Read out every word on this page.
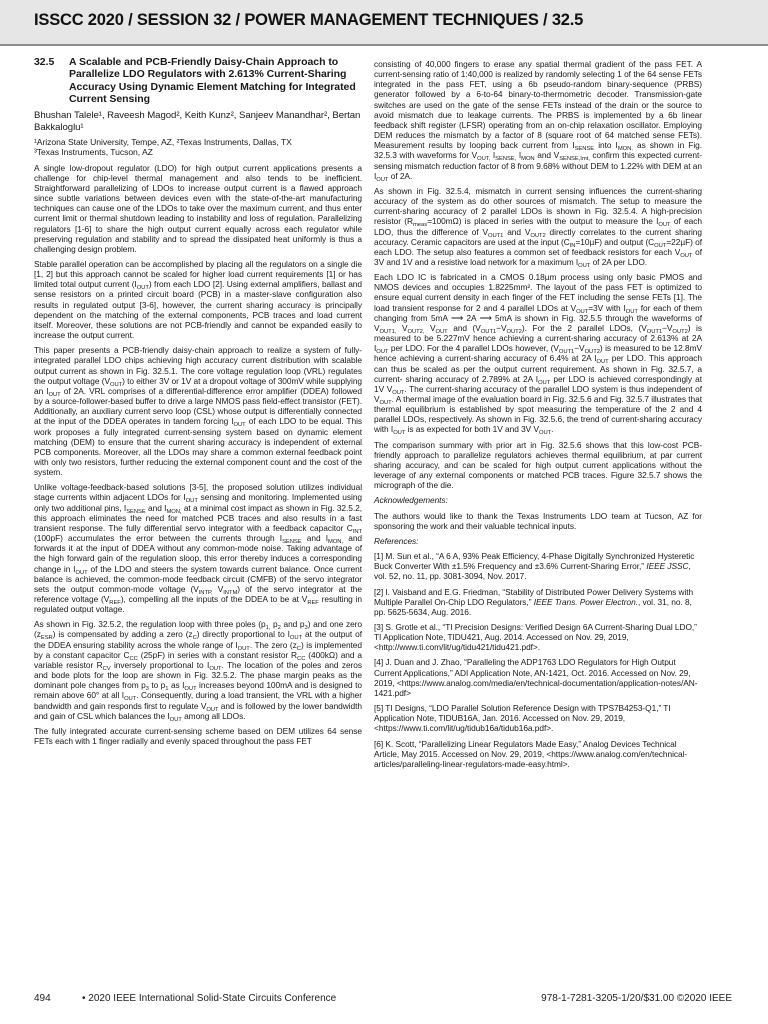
ISSCC 2020 / SESSION 32 / POWER MANAGEMENT TECHNIQUES / 32.5
32.5	A Scalable and PCB-Friendly Daisy-Chain Approach to Parallelize LDO Regulators with 2.613% Current-Sharing Accuracy Using Dynamic Element Matching for Integrated Current Sensing
Bhushan Talele¹, Raveesh Magod², Keith Kunz², Sanjeev Manandhar², Bertan Bakkaloglu¹
¹Arizona State University, Tempe, AZ, ²Texas Instruments, Dallas, TX
³Texas Instruments, Tucson, AZ

A single low-dropout regulator (LDO) for high output current applications presents a challenge for chip-level thermal management and also tends to be inefficient. Straightforward parallelizing of LDOs to increase output current is a flawed approach since subtle variations between devices even with the state-of-the-art manufacturing techniques can cause one of the LDOs to take over the maximum current, and thus enter current limit or thermal shutdown leading to instability and loss of regulation. Parallelizing regulators [1-6] to share the high output current equally across each regulator while preserving regulation and stability and to spread the dissipated heat uniformly is thus a challenging design problem.

Stable parallel operation can be accomplished by placing all the regulators on a single die [1, 2] but this approach cannot be scaled for higher load current requirements [1] or has limited total output current $(I_{OUT})$ from each LDO [2]. Using external amplifiers, ballast and sense resistors on a printed circuit board (PCB) in a master-slave configuration also results in regulated output [3-6], however, the current sharing accuracy is principally dependent on the matching of the external components, PCB traces and load current itself. Moreover, these solutions are not PCB-friendly and cannot be expanded easily to increase the output current.

This paper presents a PCB-friendly daisy-chain approach to realize a system of fully-integrated parallel LDO chips achieving high accuracy current distribution with scalable output current as shown in Fig. 32.5.1. The core voltage regulation loop (VRL) regulates the output voltage $(V_{OUT})$ to either 3V or 1V at a dropout voltage of 300mV while supplying an $I_{OUT}$ of 2A. VRL comprises of a differential-difference error amplifier (DDEA) followed by a source-follower-based buffer to drive a large NMOS pass field-effect transistor (FET). Additionally, an auxiliary current servo loop (CSL) whose output is differentially connected at the input of the DDEA operates in tandem forcing $I_{OUT}$ of each LDO to be equal. This work proposes a fully integrated current-sensing system based on dynamic element matching (DEM) to ensure that the current sharing accuracy is independent of external PCB components. Moreover, all the LDOs may share a common external feedback point with only two resistors, further reducing the external component count and the cost of the system.

Unlike voltage-feedback-based solutions [3-5], the proposed solution utilizes individual stage currents within adjacent LDOs for $I_{OUT}$ sensing and monitoring. Implemented using only two additional pins, $I_{SENSE}$ and $I_{MON,}$ at a minimal cost impact as shown in Fig. 32.5.2, this approach eliminates the need for matched PCB traces and also results in a fast transient response. The fully differential servo integrator with a feedback capacitor $C_{INT}$ (100pF) accumulates the error between the currents through $I_{SENSE}$ and $I_{MON,}$ and forwards it at the input of DDEA without any common-mode noise. Taking advantage of the high forward gain of the regulation sloop, this error thereby induces a corresponding change in $I_{OUT}$ of the LDO and steers the system towards current balance. Once current balance is achieved, the common-mode feedback circuit (CMFB) of the servo integrator sets the output common-mode voltage ($V_{INTP,}$ $V_{INTM}$) of the servo integrator at the reference voltage $(V_{REF})$, compelling all the inputs of the DDEA to be at $V_{REF}$ resulting in regulated output voltage.

As shown in Fig. 32.5.2, the regulation loop with three poles ($p_{1,}$ $p_2$ and $p_3$) and one zero $(z_{ESR})$ is compensated by adding a zero $(z_C)$ directly proportional to $I_{OUT}$ at the output of the DDEA ensuring stability across the whole range of $I_{OUT}$. The zero $(z_C)$ is implemented by a constant capacitor $C_{CC}$ (25pF) in series with a constant resistor $R_{CC}$ (400kΩ) and a variable resistor $R_{CV}$ inversely proportional to $I_{OUT}$. The location of the poles and zeros and bode plots for the loop are shown in Fig. 32.5.2. The phase margin peaks as the dominant pole changes from $p_3$ to $p_1$ as $I_{OUT}$ increases beyond 100mA and is designed to remain above 60° at all $I_{OUT}$. Consequently, during a load transient, the VRL with a higher bandwidth and gain responds first to regulate $V_{OUT}$ and is followed by the lower bandwidth and gain of CSL which balances the $I_{OUT}$ among all LDOs.

The fully integrated accurate current-sensing scheme based on DEM utilizes 64 sense FETs each with 1 finger radially and evenly spaced throughout the pass FET

consisting of 40,000 fingers to erase any spatial thermal gradient of the pass FET. A current-sensing ratio of 1:40,000 is realized by randomly selecting 1 of the 64 sense FETs integrated in the pass FET, using a 6b pseudo-random binary-sequence (PRBS) generator followed by a 6-to-64 binary-to-thermometric decoder. Transmission-gate switches are used on the gate of the sense FETs instead of the drain or the source to avoid mismatch due to leakage currents. The PRBS is implemented by a 6b linear feedback shift register (LFSR) operating from an on-chip relaxation oscillator. Employing DEM reduces the mismatch by a factor of 8 (square root of 64 matched sense FETs). Measurement results by looping back current from $I_{SENSE}$ into $I_{MON,}$ as shown in Fig. 32.5.3 with waveforms for $V_{OUT,}$ $I_{SENSE,}$ $I_{MON}$ and $V_{SENSE,Imt,}$ confirm this expected current-sensing mismatch reduction factor of 8 from 9.68% without DEM to 1.22% with DEM at an $I_{OUT}$ of 2A.

As shown in Fig. 32.5.4, mismatch in current sensing influences the current-sharing accuracy of the system as do other sources of mismatch. The setup to measure the current-sharing accuracy of 2 parallel LDOs is shown in Fig. 32.5.4. A high-precision resistor $(R_{meas}=100m\Omega)$ is placed in series with the output to measure the $I_{OUT}$ of each LDO, thus the difference of $V_{OUT1}$ and $V_{OUT2}$ directly correlates to the current sharing accuracy. Ceramic capacitors are used at the input $(C_{IN}=10\mu F)$ and output $(C_{OUT}=22\mu F)$ of each LDO. The setup also features a common set of feedback resistors for each $V_{OUT}$ of 3V and 1V and a resistive load network for a maximum $I_{OUT}$ of 2A per LDO.

Each LDO IC is fabricated in a CMOS 0.18µm process using only basic PMOS and NMOS devices and occupies 1.8225mm². The layout of the pass FET is optimized to ensure equal current density in each finger of the FET including the sense FETs [1]. The load transient response for 2 and 4 parallel LDOs at $V_{OUT}=3V$ with $I_{OUT}$ for each of them changing from 5mA ⟶ 2A ⟶ 5mA is shown in Fig. 32.5.5 through the waveforms of $V_{OUT1,}$ $V_{OUT2,}$ $V_{OUT}$ and $(V_{OUT1}-V_{OUT2})$. For the 2 parallel LDOs, $(V_{OUT1}-V_{OUT2})$ is measured to be 5.227mV hence achieving a current-sharing accuracy of 2.613% at 2A $I_{OUT}$ per LDO. For the 4 parallel LDOs however, $(V_{OUT1}-V_{OUT2})$ is measured to be 12.8mV hence achieving a current-sharing accuracy of 6.4% at 2A $I_{OUT}$ per LDO. This approach can thus be scaled as per the output current requirement. As shown in Fig. 32.5.7, a current- sharing accuracy of 2.789% at 2A $I_{OUT}$ per LDO is achieved correspondingly at 1V $V_{OUT}$. The current-sharing accuracy of the parallel LDO system is thus independent of $V_{OUT}$. A thermal image of the evaluation board in Fig. 32.5.6 and Fig. 32.5.7 illustrates that thermal equilibrium is established by spot measuring the temperature of the 2 and 4 parallel LDOs, respectively. As shown in Fig. 32.5.6, the trend of current-sharing accuracy with $I_{OUT}$ is as expected for both 1V and 3V $V_{OUT}$.

The comparison summary with prior art in Fig. 32.5.6 shows that this low-cost PCB-friendly approach to parallelize regulators achieves thermal equilibrium, at par current sharing accuracy, and can be scaled for high output current applications without the leverage of any external components or matched PCB traces. Figure 32.5.7 shows the micrograph of the die.

Acknowledgements:

The authors would like to thank the Texas Instruments LDO team at Tucson, AZ for sponsoring the work and their valuable technical inputs.

References:

[1] M. Sun et al., “A 6 A, 93% Peak Efficiency, 4-Phase Digitally Synchronized Hysteretic Buck Converter With ±1.5% Frequency and ±3.6% Current-Sharing Error,” IEEE JSSC, vol. 52, no. 11, pp. 3081-3094, Nov. 2017.

[2] I. Vaisband and E.G. Friedman, “Stability of Distributed Power Delivery Systems with Multiple Parallel On-Chip LDO Regulators,” IEEE Trans. Power Electron., vol. 31, no. 8, pp. 5625-5634, Aug. 2016.

[3] S. Grotle et al., “TI Precision Designs: Verified Design 6A Current-Sharing Dual LDO,” TI Application Note, TIDU421, Aug. 2014. Accessed on Nov. 29, 2019, <http://www.ti.com/lit/ug/tidu421/tidu421.pdf>.

[4] J. Duan and J. Zhao, “Paralleling the ADP1763 LDO Regulators for High Output Current Applications,” ADI Application Note, AN-1421, Oct. 2016. Accessed on Nov. 29, 2019, <https://www.analog.com/media/en/technical-documentation/application-notes/AN-1421.pdf>

[5] TI Designs, “LDO Parallel Solution Reference Design with TPS7B4253-Q1,” TI Application Note, TIDUB16A, Jan. 2016. Accessed on Nov. 29, 2019, <https://www.ti.com/lit/ug/tidub16a/tidub16a.pdf>.

[6] K. Scott, “Parallelizing Linear Regulators Made Easy,” Analog Devices Technical Article, May 2015. Accessed on Nov. 29, 2019, <https://www.analog.com/en/technical-articles/paralleling-linear-regulators-made-easy.html>.

494	• 2020 IEEE International Solid-State Circuits Conference	978-1-7281-3205-1/20/$31.00 ©2020 IEEE
